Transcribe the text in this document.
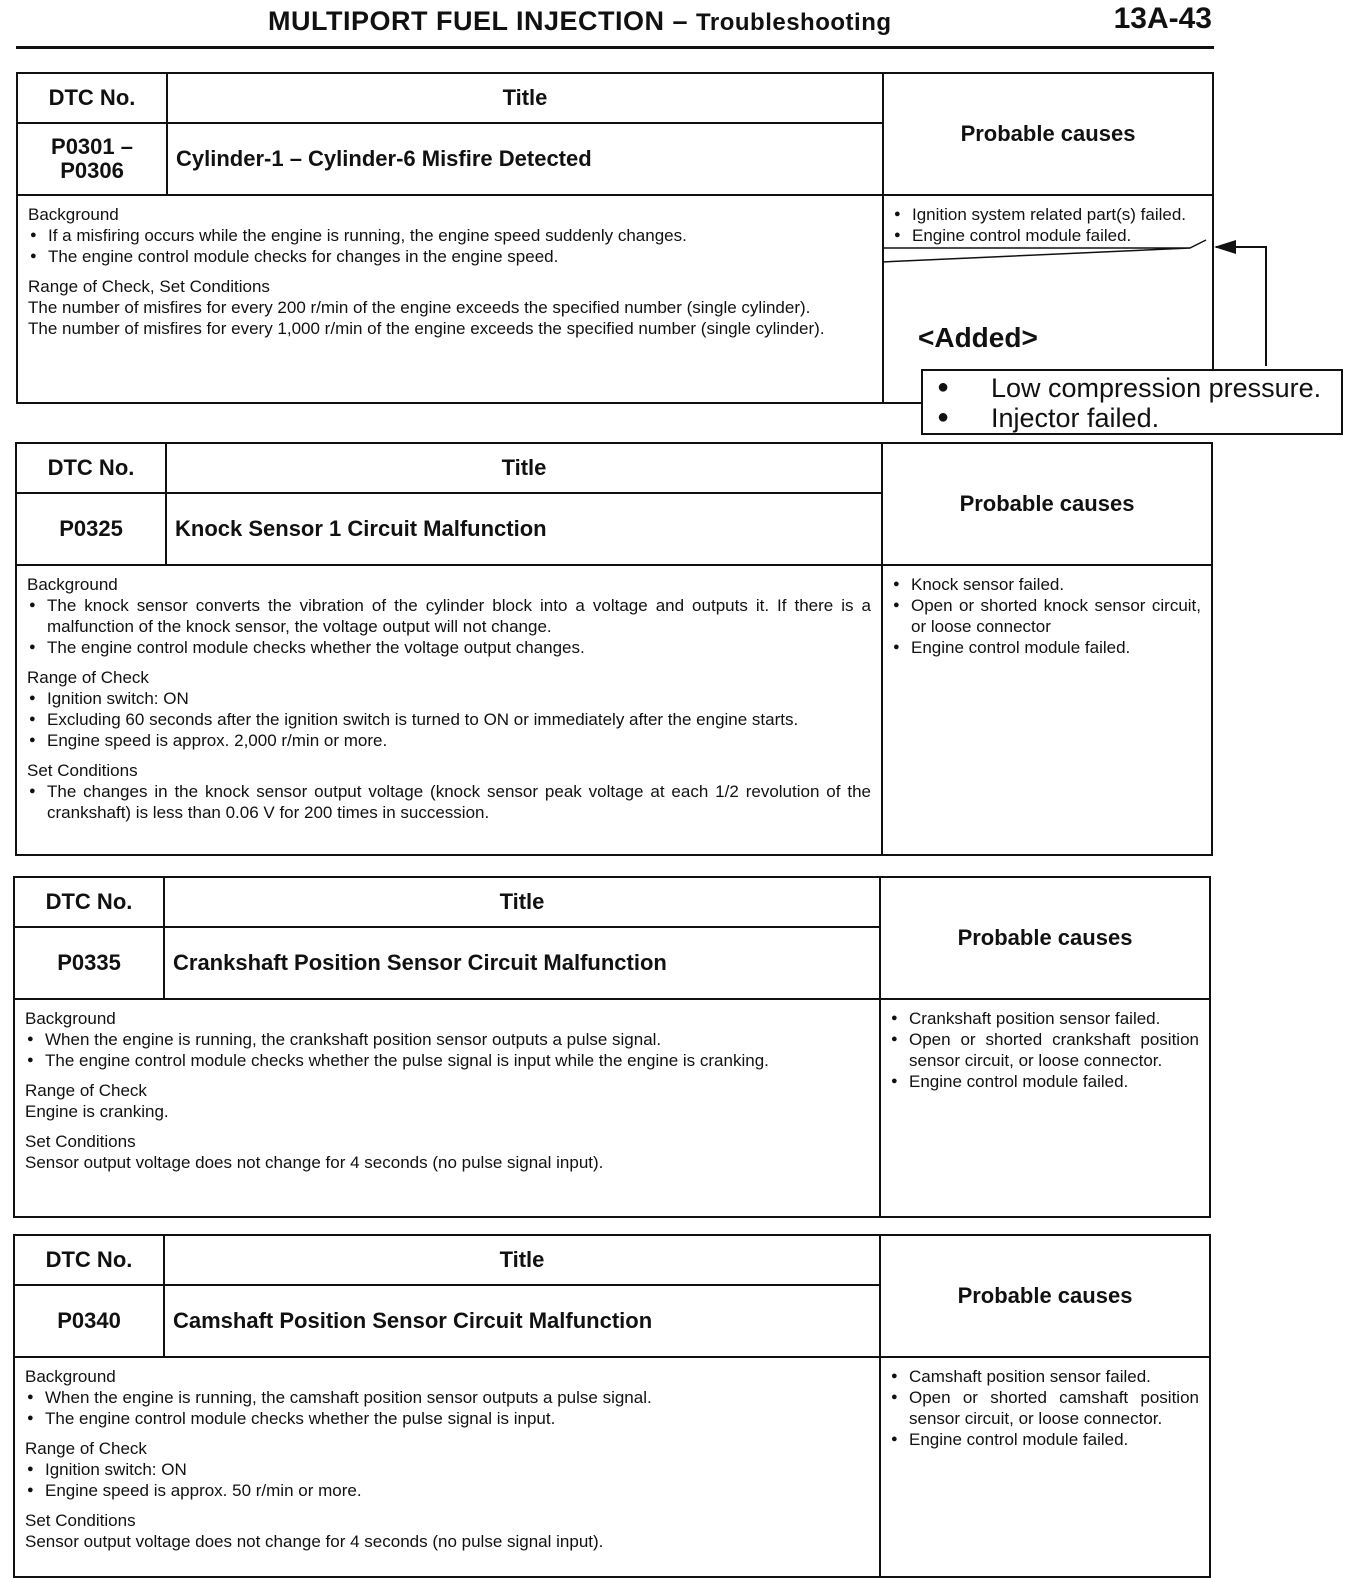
MULTIPORT FUEL INJECTION – Troubleshooting	13A-43
DTC No.
P0301 –
P0306
Title
Cylinder-1 – Cylinder-6 Misfire Detected
Probable causes
Background
● If a misfiring occurs while the engine is running, the engine speed suddenly changes.
● The engine control module checks for changes in the engine speed.
Range of Check, Set Conditions
The number of misfires for every 200 r/min of the engine exceeds the specified number (single cylinder).
The number of misfires for every 1,000 r/min of the engine exceeds the specified number (single cylinder).
● Ignition system related part(s) failed.
● Engine control module failed.
DTC No.
P0325
Title
Knock Sensor 1 Circuit Malfunction
Probable causes
Background
● The knock sensor converts the vibration of the cylinder block into a voltage and outputs it. If there is a malfunction of the knock sensor, the voltage output will not change.
● The engine control module checks whether the voltage output changes.
Range of Check
● Ignition switch: ON
● Excluding 60 seconds after the ignition switch is turned to ON or immediately after the engine starts.
● Engine speed is approx. 2,000 r/min or more.
Set Conditions
● The changes in the knock sensor output voltage (knock sensor peak voltage at each 1/2 revolution of the crankshaft) is less than 0.06 V for 200 times in succession.
● Knock sensor failed.
● Open or shorted knock sensor circuit, or loose connector
● Engine control module failed.
DTC No.
P0335
Title
Crankshaft Position Sensor Circuit Malfunction
Probable causes
Background
● When the engine is running, the crankshaft position sensor outputs a pulse signal.
● The engine control module checks whether the pulse signal is input while the engine is cranking.
Range of Check
Engine is cranking.
Set Conditions
Sensor output voltage does not change for 4 seconds (no pulse signal input).
● Crankshaft position sensor failed.
● Open or shorted crankshaft position sensor circuit, or loose connector.
● Engine control module failed.
DTC No.
P0340
Title
Camshaft Position Sensor Circuit Malfunction
Probable causes
Background
● When the engine is running, the camshaft position sensor outputs a pulse signal.
● The engine control module checks whether the pulse signal is input.
Range of Check
● Ignition switch: ON
● Engine speed is approx. 50 r/min or more.
Set Conditions
Sensor output voltage does not change for 4 seconds (no pulse signal input).
● Camshaft position sensor failed.
● Open or shorted camshaft position sensor circuit, or loose connector.
● Engine control module failed.
<Added>
● Low compression pressure.
● Injector failed.
